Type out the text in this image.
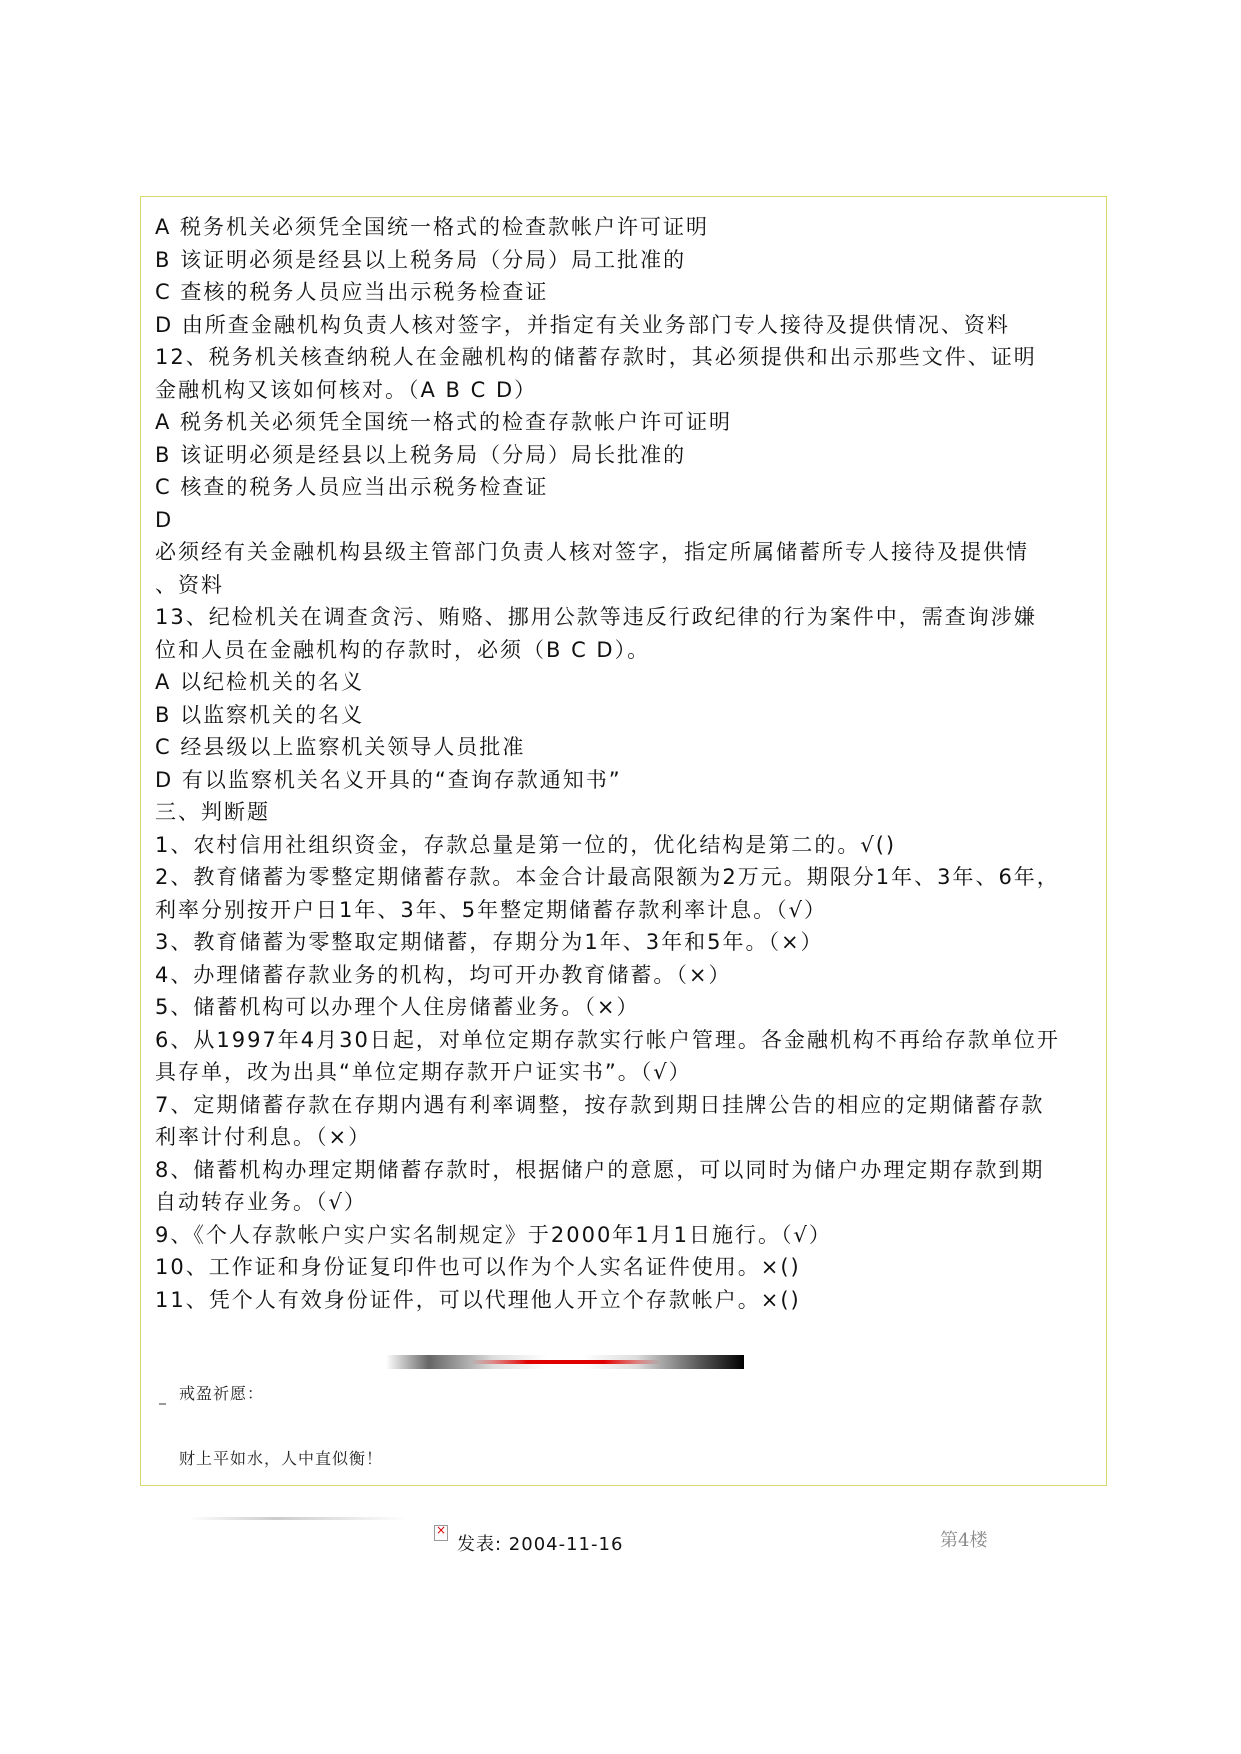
A 税务机关必须凭全国统一格式的检查款帐户许可证明
B 该证明必须是经县以上税务局（分局）局工批准的
C 查核的税务人员应当出示税务检查证
D 由所查金融机构负责人核对签字，并指定有关业务部门专人接待及提供情况、资料
12、税务机关核查纳税人在金融机构的储蓄存款时，其必须提供和出示那些文件、证明
金融机构又该如何核对。（A B C D）
A 税务机关必须凭全国统一格式的检查存款帐户许可证明
B 该证明必须是经县以上税务局（分局）局长批准的
C 核查的税务人员应当出示税务检查证
D
必须经有关金融机构县级主管部门负责人核对签字，指定所属储蓄所专人接待及提供情
、资料
13、纪检机关在调查贪污、贿赂、挪用公款等违反行政纪律的行为案件中，需查询涉嫌
位和人员在金融机构的存款时，必须（B C D）。
A 以纪检机关的名义
B 以监察机关的名义
C 经县级以上监察机关领导人员批准
D 有以监察机关名义开具的“查询存款通知书”
三、判断题
1、农村信用社组织资金，存款总量是第一位的，优化结构是第二的。√()
2、教育储蓄为零整定期储蓄存款。本金合计最高限额为2万元。期限分1年、3年、6年，
利率分别按开户日1年、3年、5年整定期储蓄存款利率计息。（√）
3、教育储蓄为零整取定期储蓄，存期分为1年、3年和5年。（×）
4、办理储蓄存款业务的机构，均可开办教育储蓄。（×）
5、储蓄机构可以办理个人住房储蓄业务。（×）
6、从1997年4月30日起，对单位定期存款实行帐户管理。各金融机构不再给存款单位开
具存单，改为出具“单位定期存款开户证实书”。（√）
7、定期储蓄存款在存期内遇有利率调整，按存款到期日挂牌公告的相应的定期储蓄存款
利率计付利息。（×）
8、储蓄机构办理定期储蓄存款时，根据储户的意愿，可以同时为储户办理定期存款到期
自动转存业务。（√）
9、《个人存款帐户实户实名制规定》于2000年1月1日施行。（√）
10、工作证和身份证复印件也可以作为个人实名证件使用。×()
11、凭个人有效身份证件，可以代理他人开立个存款帐户。×()
戒盈祈愿：
财上平如水，人中直似衡！
×
发表: 2004-11-16	第4楼
